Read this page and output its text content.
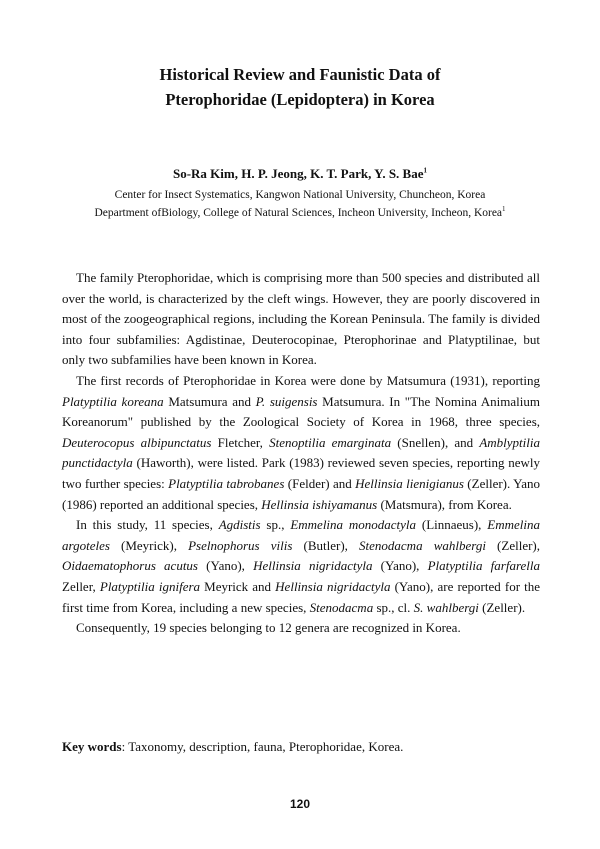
Historical Review and Faunistic Data of
Pterophoridae (Lepidoptera) in Korea
So-Ra Kim, H. P. Jeong, K. T. Park, Y. S. Bae$^1$
Center for Insect Systematics, Kangwon National University, Chuncheon, Korea
Department ofBiology, College of Natural Sciences, Incheon University, Incheon, Korea$^1$

The family Pterophoridae, which is comprising more than 500 species and distributed all over the world, is characterized by the cleft wings. However, they are poorly discovered in most of the zoogeographical regions, including the Korean Peninsula. The family is divided into four subfamilies: Agdistinae, Deuterocopinae, Pterophorinae and Platyptilinae, but only two subfamilies have been known in Korea.

The first records of Pterophoridae in Korea were done by Matsumura (1931), reporting Platyptilia koreana Matsumura and P. suigensis Matsumura. In "The Nomina Animalium Koreanorum" published by the Zoological Society of Korea in 1968, three species, Deuterocopus albipunctatus Fletcher, Stenoptilia emarginata (Snellen), and Amblyptilia punctidactyla (Haworth), were listed. Park (1983) reviewed seven species, reporting newly two further species: Platyptilia tabrobanes (Felder) and Hellinsia lienigianus (Zeller). Yano (1986) reported an additional species, Hellinsia ishiyamanus (Matsmura), from Korea.

In this study, 11 species, Agdistis sp., Emmelina monodactyla (Linnaeus), Emmelina argoteles (Meyrick), Pselnophorus vilis (Butler), Stenodacma wahlbergi (Zeller), Oidaematophorus acutus (Yano), Hellinsia nigridactyla (Yano), Platyptilia farfarella Zeller, Platyptilia ignifera Meyrick and Hellinsia nigridactyla (Yano), are reported for the first time from Korea, including a new species, Stenodacma sp., cl. S. wahlbergi (Zeller).

Consequently, 19 species belonging to 12 genera are recognized in Korea.

Key words: Taxonomy, description, fauna, Pterophoridae, Korea.
120
